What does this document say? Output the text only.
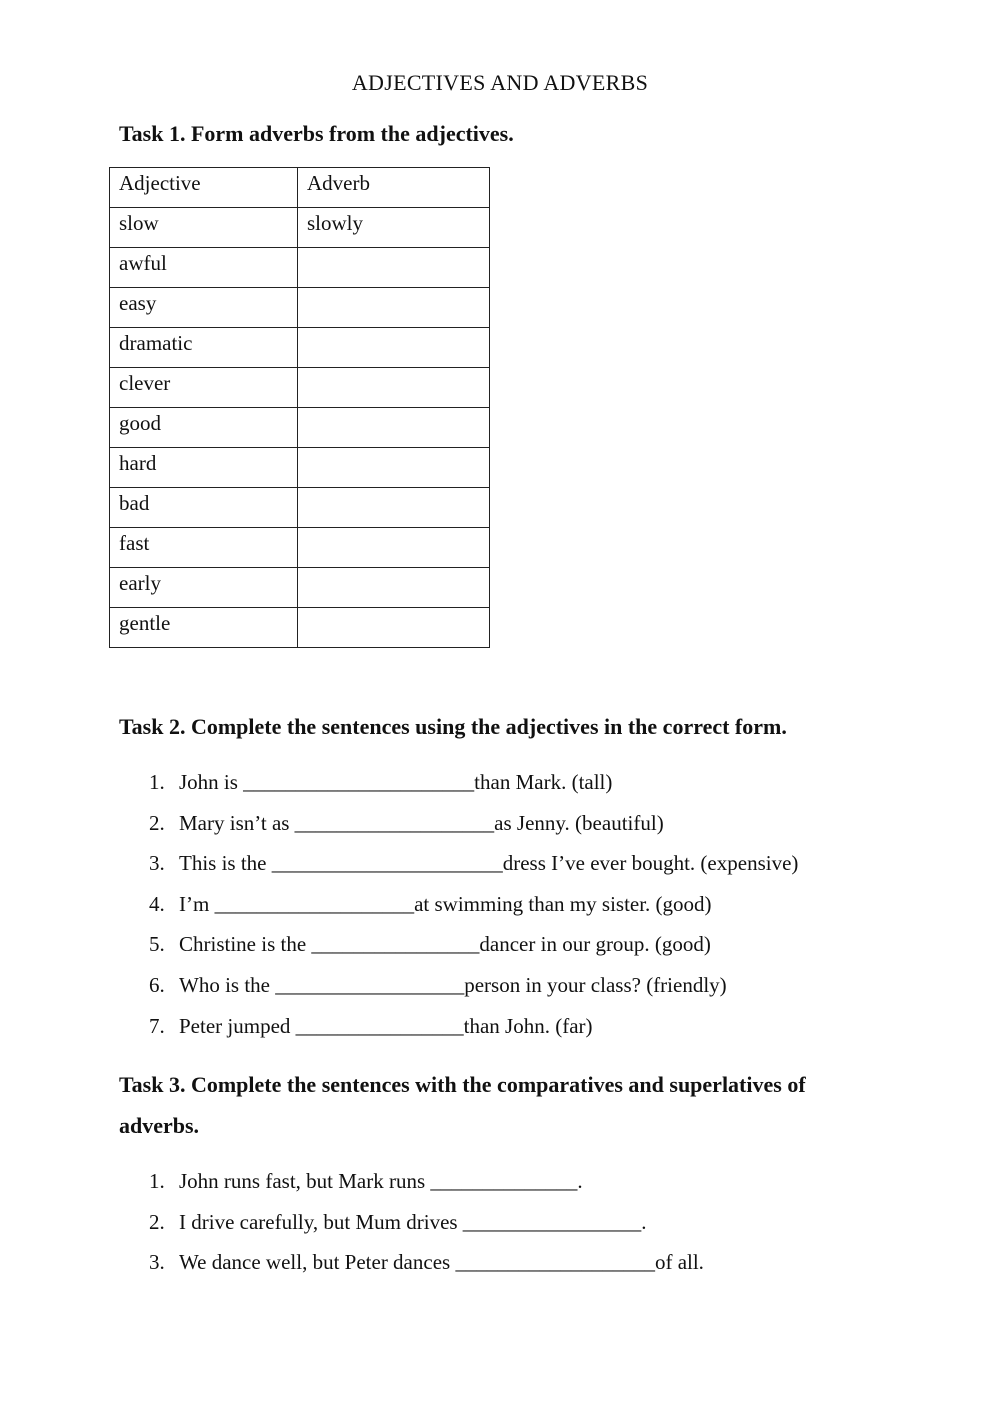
ADJECTIVES AND ADVERBS
Task 1. Form adverbs from the adjectives.
Adjective	Adverb
slow	slowly
awful	
easy	
dramatic	
clever	
good	
hard	
bad	
fast	
early	
gentle	
Task 2. Complete the sentences using the adjectives in the correct form.
1. John is ______________________than Mark. (tall)
2. Mary isn’t as ___________________as Jenny. (beautiful)
3. This is the ______________________dress I’ve ever bought. (expensive)
4. I’m ___________________at swimming than my sister. (good)
5. Christine is the ________________dancer in our group. (good)
6. Who is the __________________person in your class? (friendly)
7. Peter jumped ________________than John. (far)
Task 3. Complete the sentences with the comparatives and superlatives of adverbs.
1. John runs fast, but Mark runs ______________.
2. I drive carefully, but Mum drives _________________.
3. We dance well, but Peter dances ___________________of all.
